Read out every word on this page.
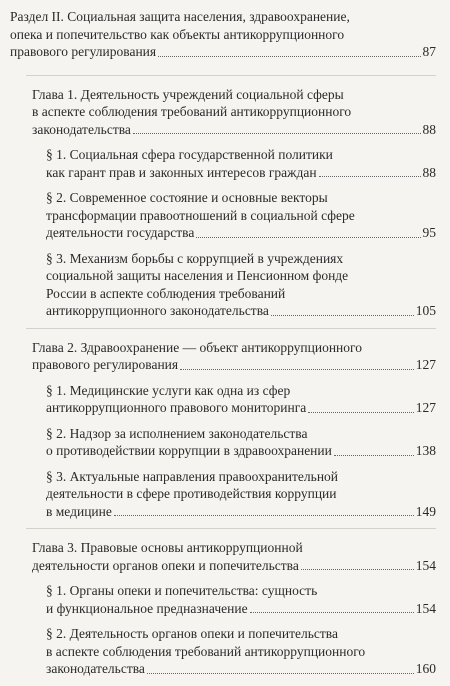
Раздел II. Социальная защита населения, здравоохранение,
опека и попечительство как объекты антикоррупционного
правового регулирования	87
Глава 1. Деятельность учреждений социальной сферы
в аспекте соблюдения требований антикоррупционного
законодательства	88
§ 1. Социальная сфера государственной политики
как гарант прав и законных интересов граждан	88
§ 2. Современное состояние и основные векторы
трансформации правоотношений в социальной сфере
деятельности государства	95
§ 3. Механизм борьбы с коррупцией в учреждениях
социальной защиты населения и Пенсионном фонде
России в аспекте соблюдения требований
антикоррупционного законодательства	105
Глава 2. Здравоохранение — объект антикоррупционного
правового регулирования	127
§ 1. Медицинские услуги как одна из сфер
антикоррупционного правового мониторинга	127
§ 2. Надзор за исполнением законодательства
о противодействии коррупции в здравоохранении	138
§ 3. Актуальные направления правоохранительной
деятельности в сфере противодействия коррупции
в медицине	149
Глава 3. Правовые основы антикоррупционной
деятельности органов опеки и попечительства	154
§ 1. Органы опеки и попечительства: сущность
и функциональное предназначение	154
§ 2. Деятельность органов опеки и попечительства
в аспекте соблюдения требований антикоррупционного
законодательства	160
